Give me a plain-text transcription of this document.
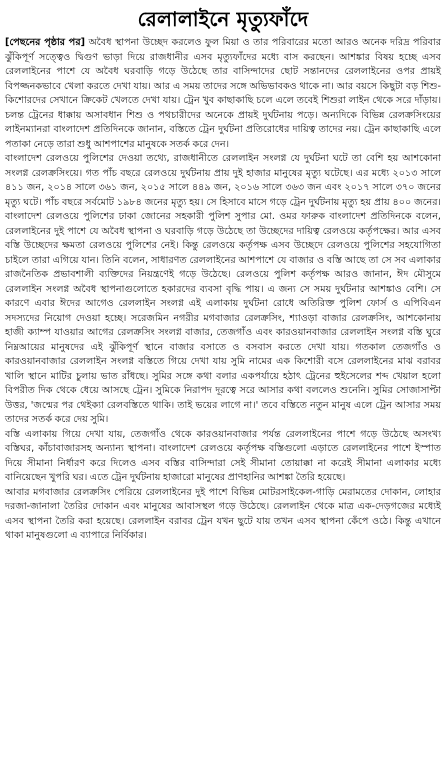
রেলালাইনে মৃত্যুফাঁদে

[পেছনের পৃষ্ঠার পর] অবৈধ স্থাপনা উচ্ছেদ করলেও ফুল মিয়া ও তার পরিবারের মতো আরও অনেক দরিদ্র পরিবার ঝুঁকিপূর্ণ সত্ত্বেও দ্বিগুণ ভাড়া দিয়ে রাজধানীর এসব মৃত্যুফাঁদের মধ্যে বাস করছেন। আশঙ্কার বিষয় হচ্ছে এসব রেললাইনের পাশে যে অবৈধ ঘরবাড়ি গড়ে উঠেছে তার বাসিন্দাদের ছোট সন্তানদের রেললাইনের ওপর প্রায়ই বিপজ্জনকভাবে খেলা করতে দেখা যায়। আর এ সময় তাদের সঙ্গে অভিভাবকও থাকে না। আর বয়সে কিছুটা বড় শিশু-কিশোরদের সেখানে ক্রিকেট খেলতে দেখা যায়। ট্রেন খুব কাছাকাছি চলে এলে তবেই শিশুরা লাইন থেকে সরে দাঁড়ায়। চলন্ত ট্রেনের ধাক্কায় অসাবধান শিশু ও পথচারীদের অনেকে প্রায়ই দুর্ঘটনায় পড়ে। অন্যদিকে বিভিন্ন রেলক্রসিংয়ের লাইনম্যানরা বাংলাদেশ প্রতিদিনকে জানান, বস্তিতে ট্রেন দুর্ঘটনা প্রতিরোধের দায়িত্ব তাদের নয়। ট্রেন কাছাকাছি এলে পতাকা নেড়ে তারা শুধু আশপাশের মানুষকে সতর্ক করে দেন।

বাংলাদেশ রেলওয়ে পুলিশের দেওয়া তথ্যে, রাজধানীতে রেললাইন সংলগ্ন যে দুর্ঘটনা ঘটে তা বেশি হয় আশকোনা সংলগ্ন রেলক্রসিংয়ে। গত পাঁচ বছরে রেলওয়ে দুর্ঘটনায় প্রায় দুই হাজার মানুষের মৃত্যু ঘটেছে। এর মধ্যে ২০১৩ সালে ৪১১ জন, ২০১৪ সালে ৩৬১ জন, ২০১৫ সালে ৪৪৯ জন, ২০১৬ সালে ৩৬৩ জন এবং ২০১৭ সালে ৩৭০ জনের মৃত্যু ঘটে। পাঁচ বছরে সর্বমোট ১৯৮৪ জনের মৃত্যু হয়। সে হিসাবে মাসে গড়ে ট্রেন দুর্ঘটনায় মৃত্যু হয় প্রায় ৪০০ জনের। বাংলাদেশ রেলওয়ে পুলিশের ঢাকা জোনের সহকারী পুলিশ সুপার মো. ওমর ফারুক বাংলাদেশ প্রতিদিনকে বলেন, রেললাইনের দুই পাশে যে অবৈধ স্থাপনা ও ঘরবাড়ি গড়ে উঠেছে তা উচ্ছেদের দায়িত্ব রেলওয়ে কর্তৃপক্ষের। আর এসব বস্তি উচ্ছেদের ক্ষমতা রেলওয়ে পুলিশের নেই। কিন্তু রেলওয়ে কর্তৃপক্ষ এসব উচ্ছেদে রেলওয়ে পুলিশের সহযোগিতা চাইলে তারা এগিয়ে যান। তিনি বলেন, সাধারণত রেললাইনের আশপাশে যে বাজার ও বস্তি আছে তা সে সব এলাকার রাজনৈতিক প্রভাবশালী ব্যক্তিদের নিয়ন্ত্রণেই গড়ে উঠেছে। রেলওয়ে পুলিশ কর্তৃপক্ষ আরও জানান, ঈদ মৌসুমে রেললাইন সংলগ্ন অবৈধ স্থাপনাগুলোতে হকারদের ব্যবসা বৃদ্ধি পায়। এ জন্য সে সময় দুর্ঘটনার আশঙ্কাও বেশি। সে কারণে এবার ঈদের আগেও রেললাইন সংলগ্ন এই এলাকায় দুর্ঘটনা রোধে অতিরিক্ত পুলিশ ফোর্স ও এপিবিএন সদস্যদের নিয়োগ দেওয়া হচ্ছে। সরেজমিন নগরীর মগবাজার রেলক্রসিং, শ্যাওড়া বাজার রেলক্রসিং, আশকোনায় হাজী ক্যাম্প যাওয়ার আগের রেলক্রসিং সংলগ্ন বাজার, তেজগাঁও এবং কারওয়ানবাজার রেললাইন সংলগ্ন বস্তি ঘুরে নিম্নআয়ের মানুষদের এই ঝুঁকিপূর্ণ স্থানে বাজার বসাতে ও বসবাস করতে দেখা যায়। গতকাল তেজগাঁও ও কারওয়ানবাজার রেললাইন সংলগ্ন বস্তিতে গিয়ে দেখা যায় সুমি নামের এক কিশোরী বসে রেললাইনের মাঝ বরাবর খালি স্থানে মাটির চুলায় ভাত রাঁধছে। সুমির সঙ্গে কথা বলার একপর্যায়ে হঠাৎ ট্রেনের হুইসেলের শব্দ খেয়াল হলো বিপরীত দিক থেকে ধেয়ে আসছে ট্রেন। সুমিকে নিরাপদ দূরত্বে সরে আসার কথা বললেও শুনেনি। সুমির সোজাসাপ্টা উত্তর, 'জন্মের পর থেইক্যা রেলবস্তিতে থাকি। তাই ভয়ের লাগে না।' তবে বস্তিতে নতুন মানুষ এলে ট্রেন আসার সময় তাদের সতর্ক করে দেয় সুমি।

বস্তি এলাকায় গিয়ে দেখা যায়, তেজগাঁও থেকে কারওয়ানবাজার পর্যন্ত রেললাইনের পাশে গড়ে উঠেছে অসংখ্য বস্তিঘর, কাঁচাবাজারসহ অন্যান্য স্থাপনা। বাংলাদেশ রেলওয়ে কর্তৃপক্ষ বস্তিগুলো এড়াতে রেললাইনের পাশে ইস্পাত দিয়ে সীমানা নির্ধারণ করে দিলেও এসব বস্তির বাসিন্দারা সেই সীমানা তোয়াক্কা না করেই সীমানা এলাকার মধ্যে বানিয়েছেন খুপরি ঘর। এতে ট্রেন দুর্ঘটনায় হাজারো মানুষের প্রাণহানির আশঙ্কা তৈরি হয়েছে।

আবার মগবাজার রেলক্রসিং পেরিয়ে রেললাইনের দুই পাশে বিভিন্ন মোটরসাইকেল-গাড়ি মেরামতের দোকান, লোহার দরজা-জানালা তৈরির দোকান এবং মানুষের আবাসস্থল গড়ে উঠেছে। রেললাইন থেকে মাত্র এক-দেড়গজের মধ্যেই এসব স্থাপনা তৈরি করা হয়েছে। রেললাইন বরাবর ট্রেন যখন ছুটে যায় তখন এসব স্থাপনা কেঁপে ওঠে। কিন্তু এখানে থাকা মানুষগুলো এ ব্যাপারে নির্বিকার।
